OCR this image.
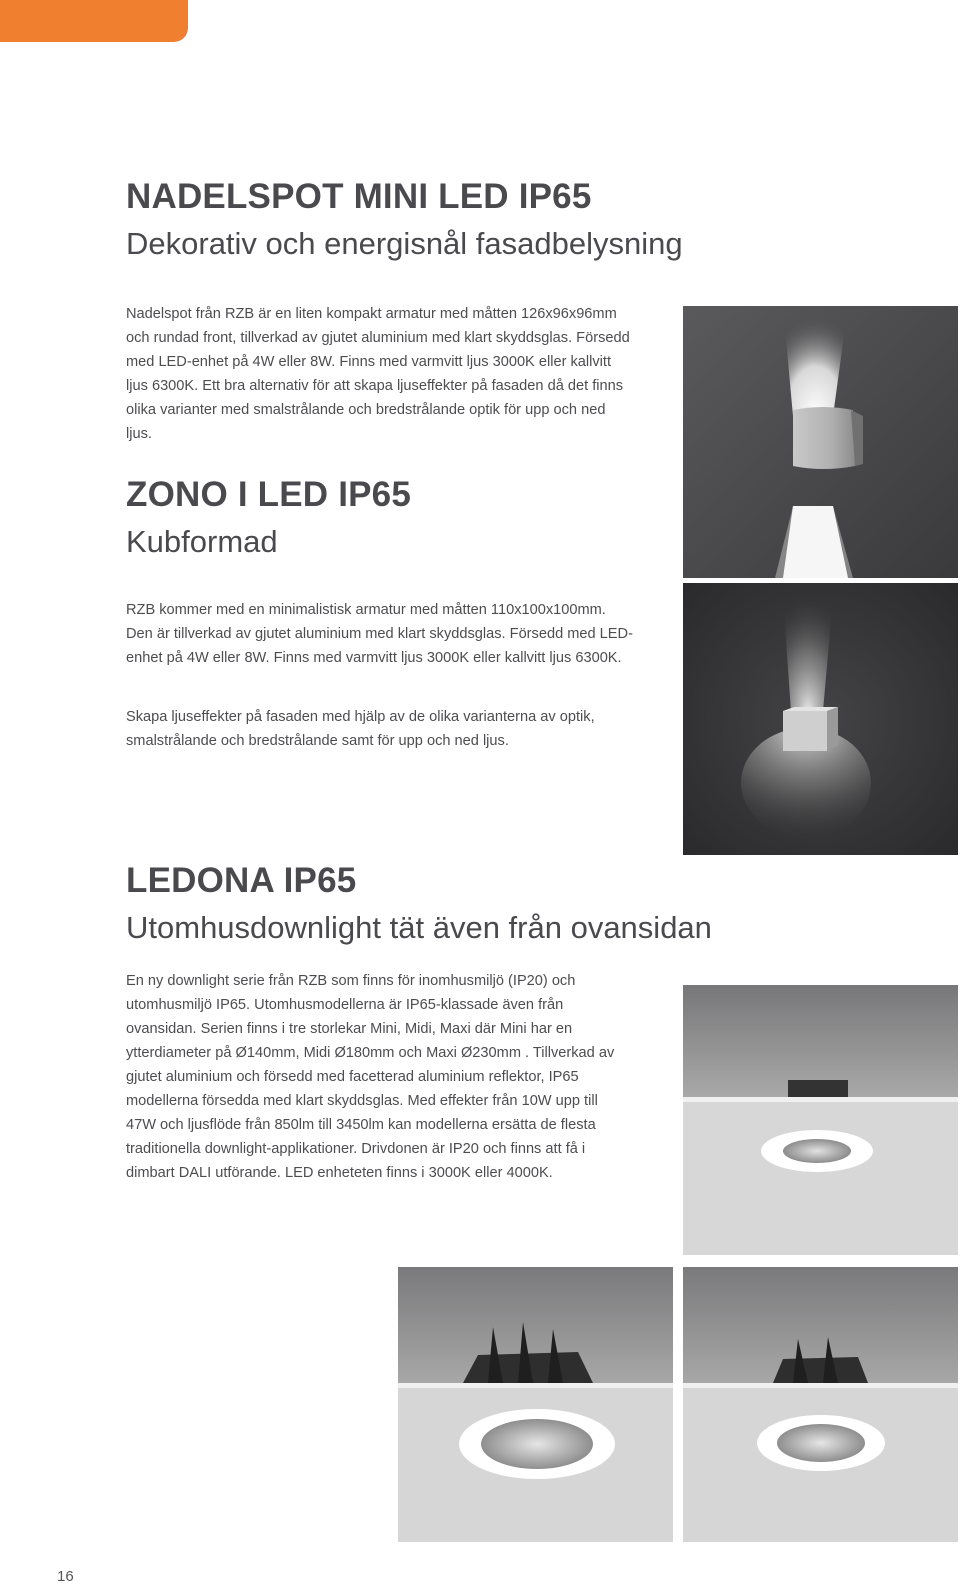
NADELSPOT MINI LED IP65
Dekorativ och energisnål fasadbelysning

Nadelspot från RZB är en liten kompakt armatur med måtten 126x96x96mm och rundad front, tillverkad av gjutet aluminium med klart skyddsglas. Försedd med LED-enhet på 4W eller 8W. Finns med varmvitt ljus 3000K eller kallvitt ljus 6300K. Ett bra alternativ för att skapa ljuseffekter på fasaden då det finns olika varianter med smalstrålande och bredstrålande optik för upp och ned ljus.

ZONO I LED IP65
Kubformad

RZB kommer med en minimalistisk armatur med måtten 110x100x100mm. Den är tillverkad av gjutet aluminium med klart skyddsglas. Försedd med LED-enhet på 4W eller 8W. Finns med varmvitt ljus 3000K eller kallvitt ljus 6300K.

Skapa ljuseffekter på fasaden med hjälp av de olika varianterna av optik, smalstrålande och bredstrålande samt för upp och ned ljus.

LEDONA IP65
Utomhusdownlight tät även från ovansidan

En ny downlight serie från RZB som finns för inomhusmiljö (IP20) och utomhusmiljö IP65. Utomhusmodellerna är IP65-klassade även från ovansidan. Serien finns i tre storlekar Mini, Midi, Maxi där Mini har en ytterdiameter på Ø140mm, Midi Ø180mm och Maxi Ø230mm . Tillverkad av gjutet aluminium och försedd med facetterad aluminium reflektor, IP65 modellerna försedda med klart skyddsglas. Med effekter från 10W upp till 47W och ljusflöde från 850lm till 3450lm kan modellerna ersätta de flesta traditionella downlight-applikationer. Drivdonen är IP20 och finns att få i dimbart DALI utförande. LED enheteten finns i 3000K eller 4000K.

16
